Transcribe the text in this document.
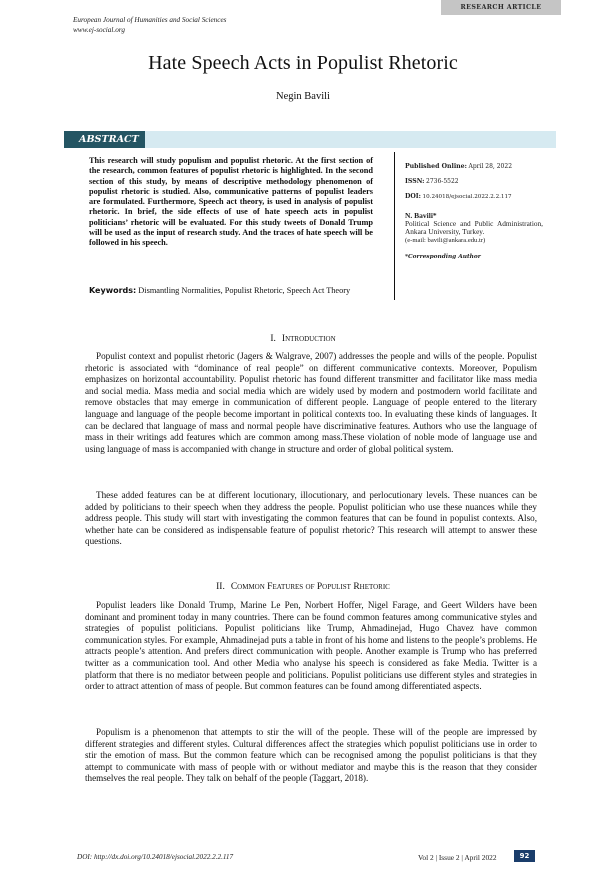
RESEARCH ARTICLE
European Journal of Humanities and Social Sciences
www.ej-social.org
Hate Speech Acts in Populist Rhetoric
Negin Bavili
ABSTRACT

This research will study populism and populist rhetoric. At the first section of the research, common features of populist rhetoric is highlighted. In the second section of this study, by means of descriptive methodology phenomenon of populist rhetoric is studied. Also, communicative patterns of populist leaders are formulated. Furthermore, Speech act theory, is used in analysis of populist rhetoric. In brief, the side effects of use of hate speech acts in populist politicians’ rhetoric will be evaluated. For this study tweets of Donald Trump will be used as the input of research study. And the traces of hate speech will be followed in his speech.

Keywords: Dismantling Normalities, Populist Rhetoric, Speech Act Theory

Published Online: April 28, 2022
ISSN: 2736-5522
DOI: 10.24018/ejsocial.2022.2.2.117
N. Bavili*
Political Science and Public Administration, Ankara University, Turkey.
(e-mail: bavili@ankara.edu.tr)
*Corresponding Author
I. Introduction

Populist context and populist rhetoric (Jagers & Walgrave, 2007) addresses the people and wills of the people. Populist rhetoric is associated with “dominance of real people” on different communicative contexts. Moreover, Populism emphasizes on horizontal accountability. Populist rhetoric has found different transmitter and facilitator like mass media and social media. Mass media and social media which are widely used by modern and postmodern world facilitate and remove obstacles that may emerge in communication of different people. Language of people entered to the literary language and language of the people become important in political contexts too. In evaluating these kinds of languages. It can be declared that language of mass and normal people have discriminative features. Authors who use the language of mass in their writings add features which are common among mass.These violation of noble mode of language use and using language of mass is accompanied with change in structure and order of global political system.

These added features can be at different locutionary, illocutionary, and perlocutionary levels. These nuances can be added by politicians to their speech when they address the people. Populist politician who use these nuances while they address people. This study will start with investigating the common features that can be found in populist contexts. Also, whether hate can be considered as indispensable feature of populist rhetoric? This research will attempt to answer these questions.

II. Common Features of Populist Rhetoric

Populist leaders like Donald Trump, Marine Le Pen, Norbert Hoffer, Nigel Farage, and Geert Wilders have been dominant and prominent today in many countries. There can be found common features among communicative styles and strategies of populist politicians. Populist politicians like Trump, Ahmadinejad, Hugo Chavez have common communication styles. For example, Ahmadinejad puts a table in front of his home and listens to the people’s problems. He attracts people’s attention. And prefers direct communication with people. Another example is Trump who has preferred twitter as a communication tool. And other Media who analyse his speech is considered as fake Media. Twitter is a platform that there is no mediator between people and politicians. Populist politicians use different styles and strategies in order to attract attention of mass of people. But common features can be found among differentiated aspects.

Populism is a phenomenon that attempts to stir the will of the people. These will of the people are impressed by different strategies and different styles. Cultural differences affect the strategies which populist politicians use in order to stir the emotion of mass. But the common feature which can be recognised among the populist politicians is that they attempt to communicate with mass of people with or without mediator and maybe this is the reason that they consider themselves the real people. They talk on behalf of the people (Taggart, 2018).

DOI: http://dx.doi.org/10.24018/ejsocial.2022.2.2.117	Vol 2 | Issue 2 | April 2022	92
